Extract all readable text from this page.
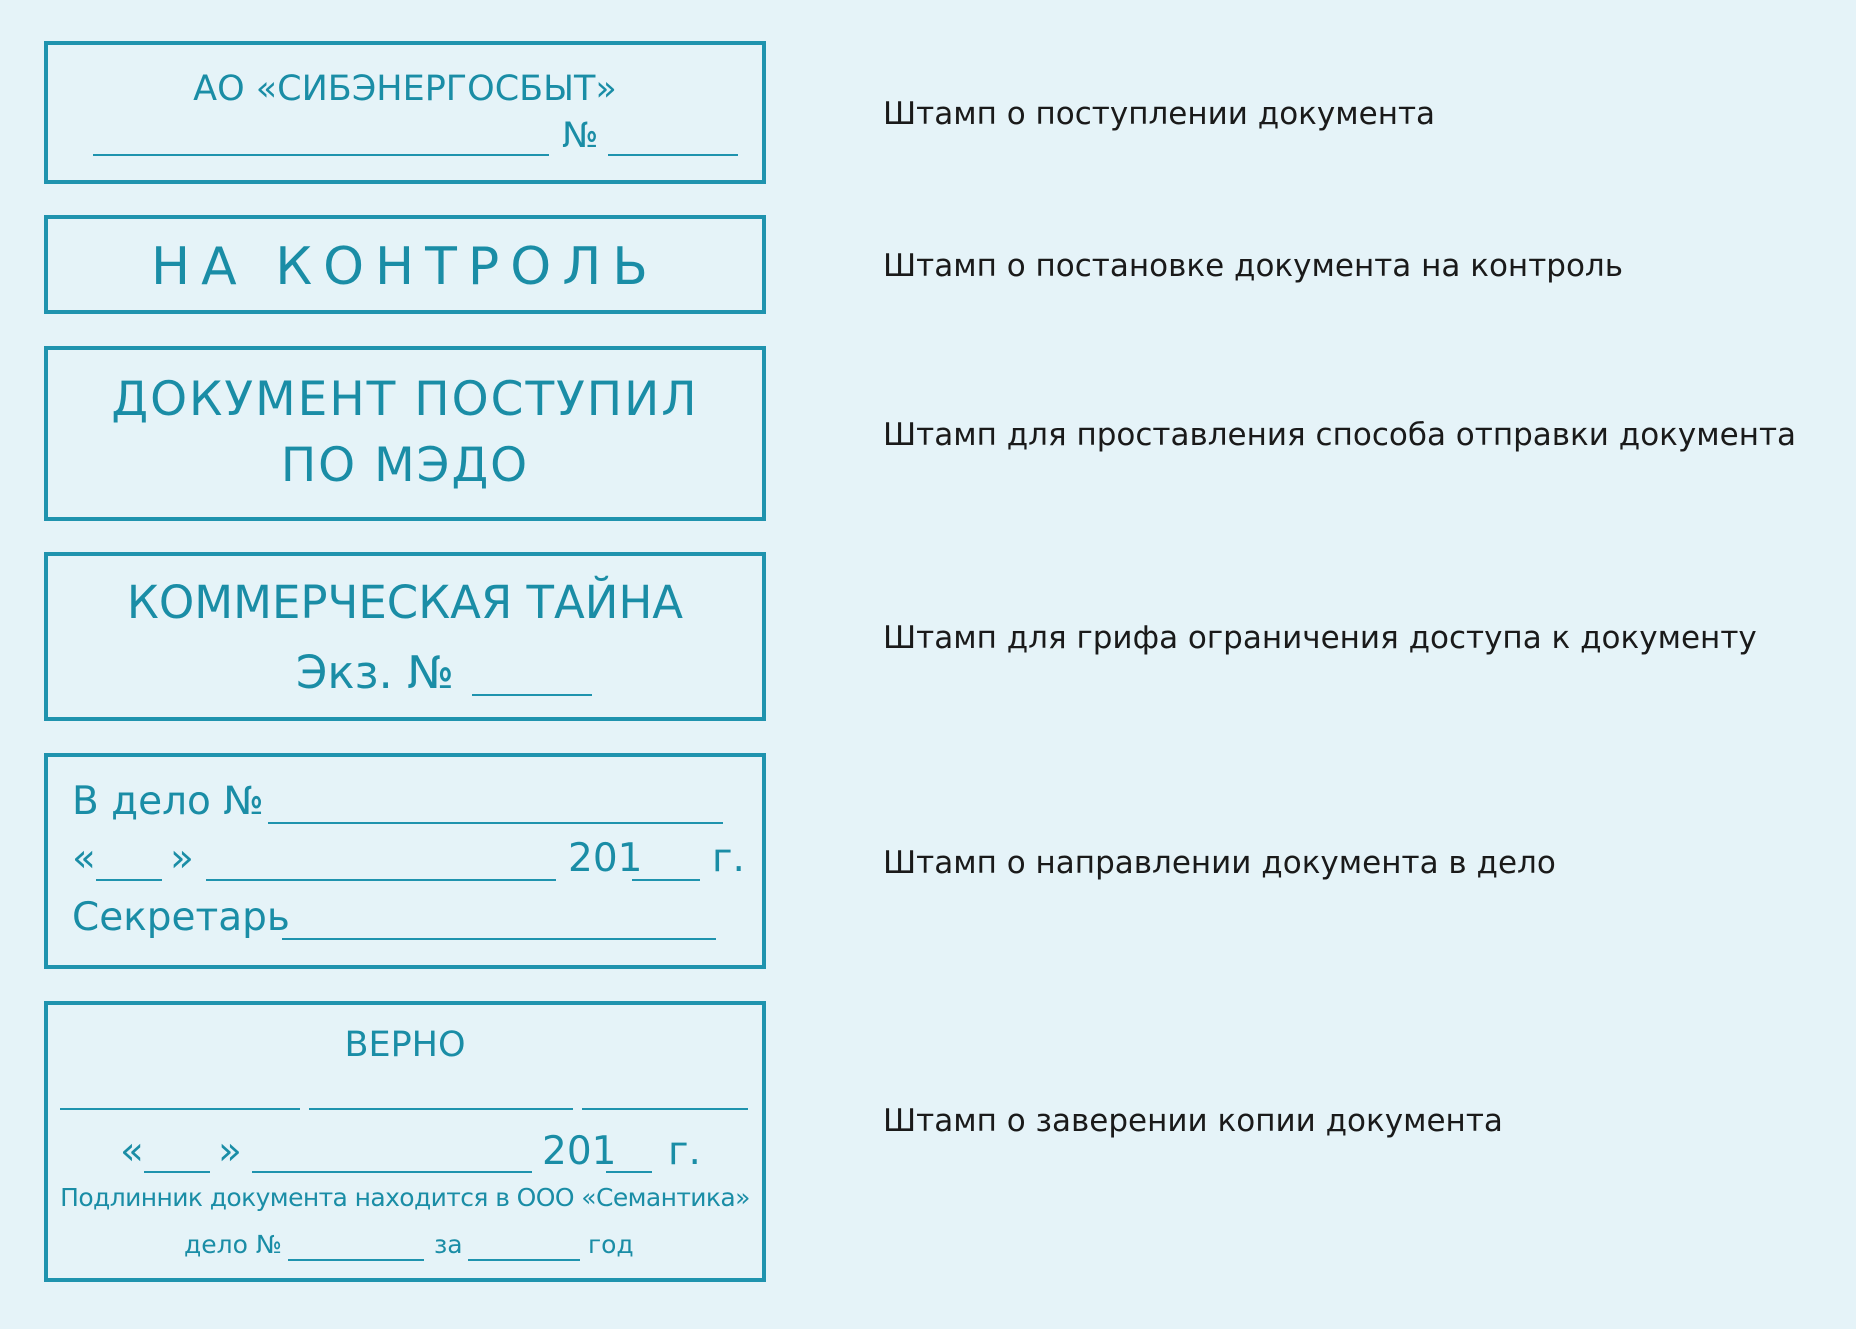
АО «СИБЭНЕРГОСБЫТ»
№
Штамп о поступлении документа
НА КОНТРОЛЬ	Штамп о постановке документа на контроль
ДОКУМЕНТ ПОСТУПИЛ
ПО МЭДО
Штамп для проставления способа отправки документа
КОММЕРЧЕСКАЯ ТАЙНА
Экз. №
Штамп для грифа ограничения доступа к документу
В дело №
« »	201 г.
Секретарь
Штамп о направлении документа в дело
ВЕРНО
« »	201 г.
Подлинник документа находится в ООО «Семантика»
дело №	за	год
Штамп о заверении копии документа
